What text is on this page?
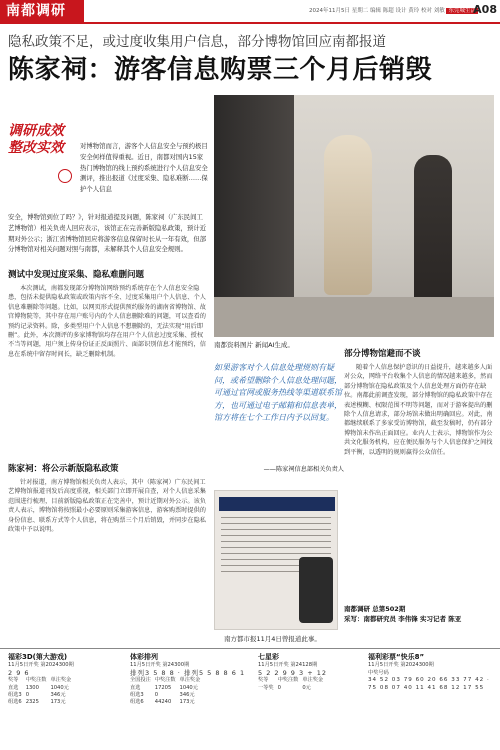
南都调研	2024年11月5日 星期二 编辑 陈超 设计 黄玲 校对 刘敏 东莞城生活
A08
隐私政策不足，或过度收集用户信息，部分博物馆回应南都报道
陈家祠：游客信息购票三个月后销毁
调研成效
整改实效	对博物馆而言，游客个人信息安全与预约极目安全何样值得重视。近日，南都对国内15家热门博物馆的线上预约系统进行个人信息安全测评，推出报道《过度采集、隐私难断……保护个人信息
安全，博物馆到位了吗？》，针对报道提及问题，陈家祠（广东民间工艺博物馆）相关负责人回应表示，该馆正在完善新版隐私政策，预计近期对外公示；浙江省博物馆回应将游客信息保留时长从一年有效，但部分博物馆对相关问题对照与南都，未解释其个人信息安全规则。
测试中发现过度采集、隐私难删问题
本次测试，南都发现部分博物馆网络预约系统存在个人信息安全隐患，包括未提供隐私政策或政策内容不全、过度采集用户个人信息、个人信息难删除等问题。比如，以网页形式提供预约服务的湖南省博物馆、故宫博物院等，其中存在用户账号内的个人信息删除难的问题，可以查看的预约记录资料。除，多类型用户个人信息不想删除的，无法实现“用后即删”。此外，本次测评的多家博物馆均存在用户个人信息过度采集、授权不当等问题，用户须上传身份证正反面照片、面部识别信息才能预约，信息在系统中留存时间长，缺乏删除机制。
陈家祠：将公示新版隐私政策
针对报道，南方博物馆相关负责人表示，其中（陈家祠）广东民间工艺博物馆报道刊发后高度重视，相关部门立即开展自查，对个人信息采集范围进行梳理，目前新版隐私政策正在完善中，预计近期对外公示。该负责人表示，博物馆将按照最小必要原则采集游客信息，游客购票时提供的身份信息、联系方式等个人信息，将在购票三个月后销毁，并同步在隐私政策中予以说明。
南都资料图片 新闻AI生成。
如果游客对个人信息处理规则有疑问，或希望删除个人信息处理问题，可通过官网或服务热线等渠道联系馆方，也可通过电子邮箱和信息表单，馆方将在七个工作日内予以回复。
——陈家祠信息部相关负责人
部分博物馆避而不谈
随着个人信息保护意识的日益提升，越来越多人面对公众，网络平台收集个人信息的情况越来越多，然而部分博物馆在隐私政策及个人信息处理方面仍存在缺位。南都此前调查发现，部分博物馆的隐私政策中存在表述模糊、权限范围不明等问题，而对于游客提出的删除个人信息请求，部分场馆未做出明确回应。对此，南都继续联系了多家受访博物馆，截至发稿时，仍有部分博物馆未作出正面回应。业内人士表示，博物馆作为公共文化服务机构，应在便民服务与个人信息保护之间找到平衡，以透明的规则赢得公众信任。
南方都市报11月4日曾报道此事。
南都调研 总第502期
采写：南都研究员 李伟锋 实习记者 陈亚
福彩3D(第大游戏)
11月5日开奖 第2024300期
2 9 6
奖等	中奖注数	单注奖金
直选	1300	1040元
组选3	0	346元
组选6	2325	173元
体彩排列
11月5日开奖 第24300期
排列3 5 8 8 · 排列5 5 8 8 6 1
全国投注	中奖注数	单注奖金
直选	17205	1040元
组选3	0	346元
组选6	44240	173元
七星彩
11月5日开奖 第24128期
5 2 2 9 9 3 + 12
奖等	中奖注数	单注奖金
一等奖	0	0元
福利彩票“快乐8”
11月5日开奖 第2024300期
中奖号码
34 52 03 79 60 20 66 33 77 42 · 75 08 07 40 11 41 68 12 17 55
